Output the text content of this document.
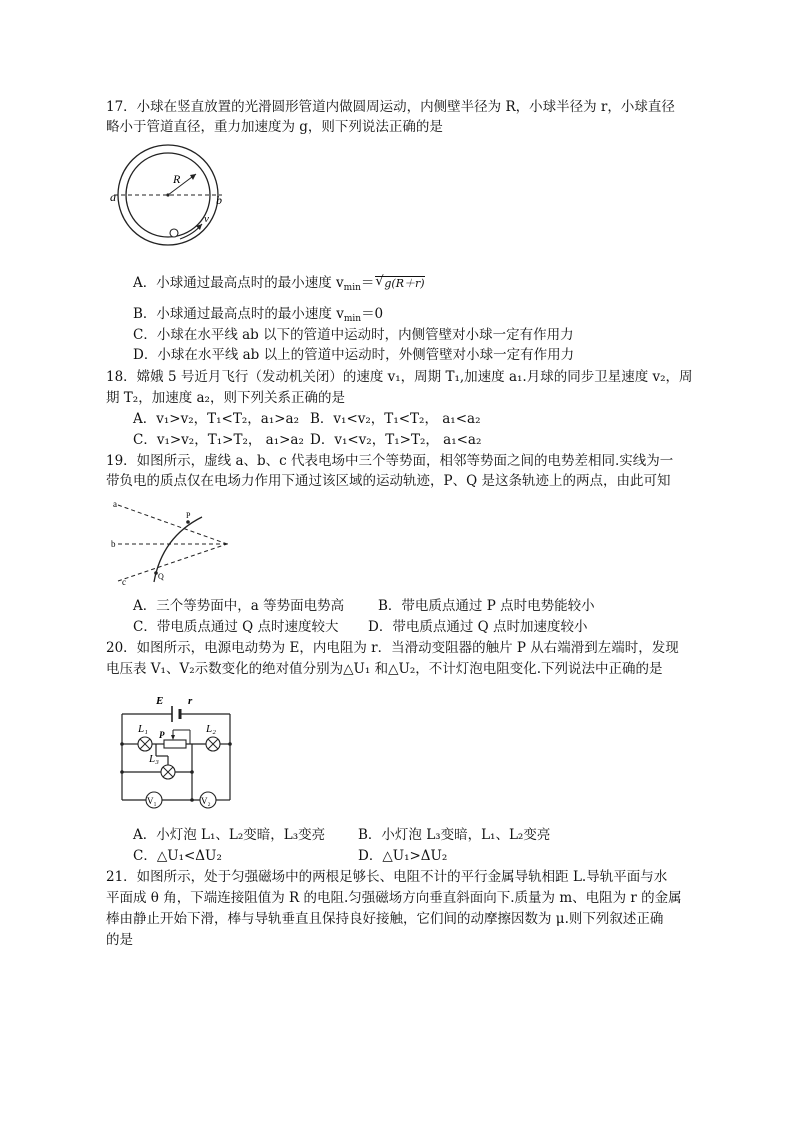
17．小球在竖直放置的光滑圆形管道内做圆周运动，内侧壁半径为 R，小球半径为 r，小球直径
略小于管道直径，重力加速度为 g，则下列说法正确的是
a	b
R
v
A．小球通过最高点时的最小速度 $v_{min}=$ √ g(R＋r)
B．小球通过最高点时的最小速度 $v_{min}=0$
C．小球在水平线 ab 以下的管道中运动时，内侧管壁对小球一定有作用力
D．小球在水平线 ab 以上的管道中运动时，外侧管壁对小球一定有作用力
18．嫦娥 5 号近月飞行（发动机关闭）的速度 v₁，周期 T₁,加速度 a₁.月球的同步卫星速度 v₂，周
期 T₂，加速度 a₂，则下列关系正确的是
A．v₁>v₂，T₁<T₂，a₁>a₂ B．v₁<v₂，T₁<T₂， a₁<a₂
C．v₁>v₂，T₁>T₂， a₁>a₂ D．v₁<v₂，T₁>T₂， a₁<a₂
19．如图所示，虚线 a、b、c 代表电场中三个等势面，相邻等势面之间的电势差相同.实线为一
带负电的质点仅在电场力作用下通过该区域的运动轨迹，P、Q 是这条轨迹上的两点，由此可知
a
b
c
P
Q
A．三个等势面中，a 等势面电势高	B．带电质点通过 P 点时电势能较小
C．带电质点通过 Q 点时速度较大 D．带电质点通过 Q 点时加速度较小
20．如图所示，电源电动势为 E，内电阻为 r．当滑动变阻器的触片 P 从右端滑到左端时，发现
电压表 V₁、V₂示数变化的绝对值分别为△U₁ 和△U₂，不计灯泡电阻变化.下列说法中正确的是
E r
L₁	L₂
P
L₃
V₁	V₂
A．小灯泡 L₁、L₂变暗，L₃变亮 B．小灯泡 L₃变暗，L₁、L₂变亮
C．△U₁<ΔU₂	D．△U₁>ΔU₂
21．如图所示，处于匀强磁场中的两根足够长、电阻不计的平行金属导轨相距 L.导轨平面与水
平面成 θ 角，下端连接阻值为 R 的电阻.匀强磁场方向垂直斜面向下.质量为 m、电阻为 r 的金属
棒由静止开始下滑，棒与导轨垂直且保持良好接触，它们间的动摩擦因数为 μ.则下列叙述正确
的是
